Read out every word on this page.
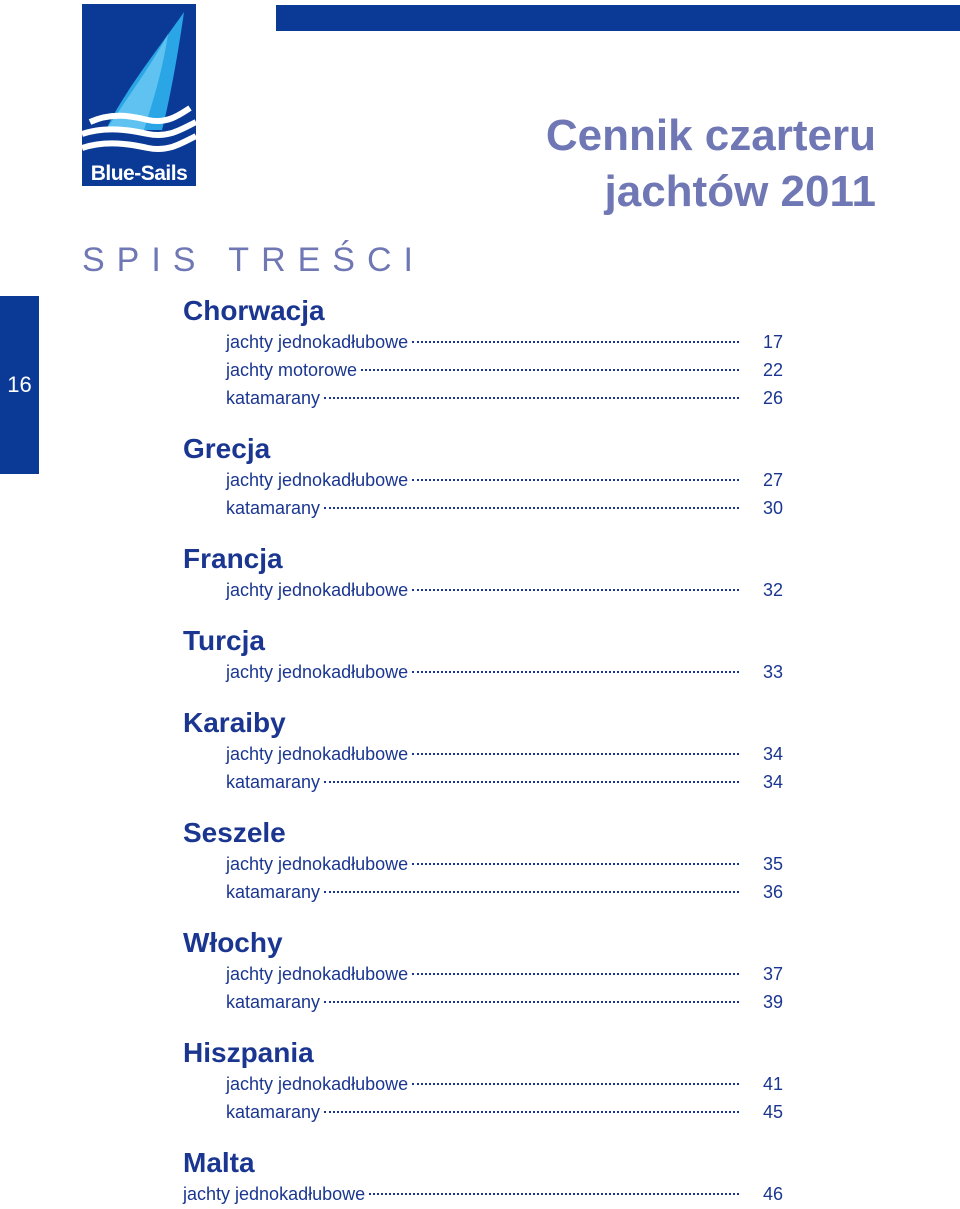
Blue-Sails
Cennik czarteru
jachtów 2011
SPIS TREŚCI
16
Chorwacja
jachty jednokadłubowe	17
jachty motorowe	22
katamarany	26
Grecja
jachty jednokadłubowe	27
katamarany	30
Francja
jachty jednokadłubowe	32
Turcja
jachty jednokadłubowe	33
Karaiby
jachty jednokadłubowe	34
katamarany	34
Seszele
jachty jednokadłubowe	35
katamarany	36
Włochy
jachty jednokadłubowe	37
katamarany	39
Hiszpania
jachty jednokadłubowe	41
katamarany	45
Malta
jachty jednokadłubowe	46
